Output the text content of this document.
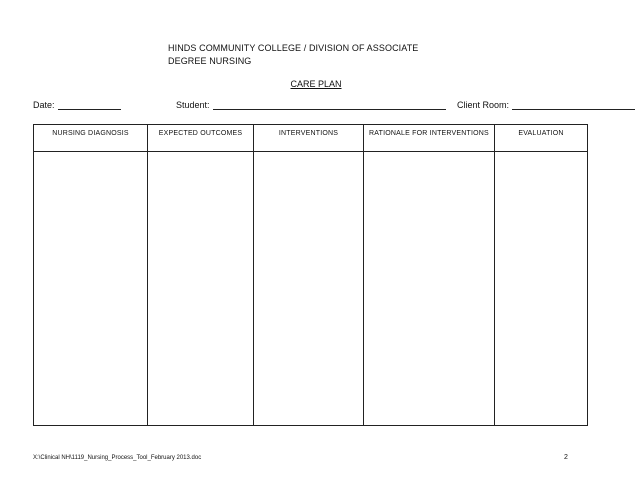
HINDS COMMUNITY COLLEGE / DIVISION OF ASSOCIATE
DEGREE NURSING
CARE PLAN
Date:	Student:	Client Room:
NURSING DIAGNOSIS	EXPECTED OUTCOMES	INTERVENTIONS	RATIONALE FOR INTERVENTIONS	EVALUATION
X:\Clinical NH\1119_Nursing_Process_Tool_February 2013.doc	2
